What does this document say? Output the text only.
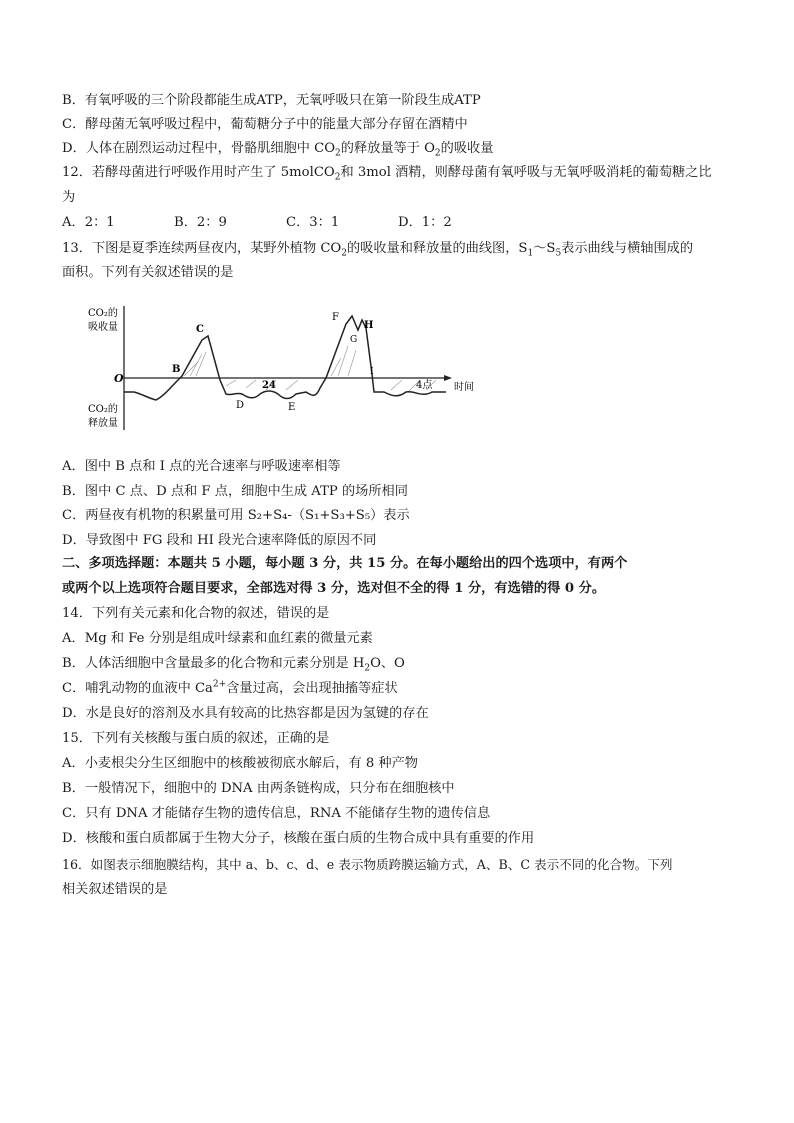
B．有氧呼吸的三个阶段都能生成ATP，无氧呼吸只在第一阶段生成ATP
C．酵母菌无氧呼吸过程中，葡萄糖分子中的能量大部分存留在酒精中
D．人体在剧烈运动过程中，骨骼肌细胞中 $CO_2$的释放量等于 $O_2$的吸收量
12．若酵母菌进行呼吸作用时产生了 5molCO$_2$和 3mol 酒精，则酵母菌有氧呼吸与无氧呼吸消耗的葡萄糖之比
为
A．2：1	B．2：9	C．3：1	D．1：2
13．下图是夏季连续两昼夜内，某野外植物 $CO_2$的吸收量和释放量的曲线图，$S_1\sim S_5$表示曲线与横轴围成的
面积。下列有关叙述错误的是
CO₂的
吸收量
CO₂的
释放量
O
时间
B
C
D	E
F
G
H
I
24	4点
A．图中 B 点和 I 点的光合速率与呼吸速率相等
B．图中 C 点、D 点和 F 点，细胞中生成 ATP 的场所相同
C．两昼夜有机物的积累量可用 S₂+S₄-（S₁+S₃+S₅）表示
D．导致图中 FG 段和 HI 段光合速率降低的原因不同
二、多项选择题：本题共 5 小题，每小题 3 分，共 15 分。在每小题给出的四个选项中，有两个
或两个以上选项符合题目要求，全部选对得 3 分，选对但不全的得 1 分，有选错的得 0 分。
14．下列有关元素和化合物的叙述，错误的是
A．Mg 和 Fe 分别是组成叶绿素和血红素的微量元素
B．人体活细胞中含量最多的化合物和元素分别是 $H_2O$、O
C．哺乳动物的血液中 $Ca^{2+}$含量过高，会出现抽搐等症状
D．水是良好的溶剂及水具有较高的比热容都是因为氢键的存在
15．下列有关核酸与蛋白质的叙述，正确的是
A．小麦根尖分生区细胞中的核酸被彻底水解后，有 8 种产物
B．一般情况下，细胞中的 DNA 由两条链构成，只分布在细胞核中
C．只有 DNA 才能储存生物的遗传信息，RNA 不能储存生物的遗传信息
D．核酸和蛋白质都属于生物大分子，核酸在蛋白质的生物合成中具有重要的作用
16．如图表示细胞膜结构，其中 a、b、c、d、e 表示物质跨膜运输方式，A、B、C 表示不同的化合物。下列
相关叙述错误的是
